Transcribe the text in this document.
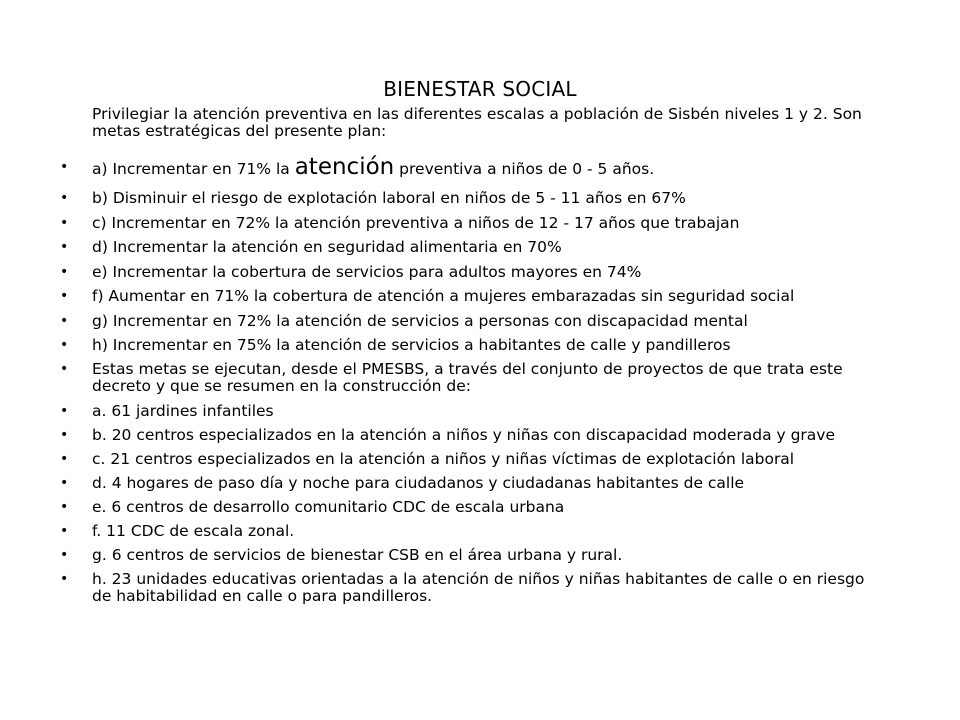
BIENESTAR SOCIAL
Privilegiar la atención preventiva en las diferentes escalas a población de Sisbén niveles 1 y 2. Son
metas estratégicas del presente plan:
• a) Incrementar en 71% la atención preventiva a niños de 0 - 5 años.
• b) Disminuir el riesgo de explotación laboral en niños de 5 - 11 años en 67%
• c) Incrementar en 72% la atención preventiva a niños de 12 - 17 años que trabajan
• d) Incrementar la atención en seguridad alimentaria en 70%
• e) Incrementar la cobertura de servicios para adultos mayores en 74%
• f) Aumentar en 71% la cobertura de atención a mujeres embarazadas sin seguridad social
• g) Incrementar en 72% la atención de servicios a personas con discapacidad mental
• h) Incrementar en 75% la atención de servicios a habitantes de calle y pandilleros
• Estas metas se ejecutan, desde el PMESBS, a través del conjunto de proyectos de que trata este
decreto y que se resumen en la construcción de:
• a. 61 jardines infantiles
• b. 20 centros especializados en la atención a niños y niñas con discapacidad moderada y grave
• c. 21 centros especializados en la atención a niños y niñas víctimas de explotación laboral
• d. 4 hogares de paso día y noche para ciudadanos y ciudadanas habitantes de calle
• e. 6 centros de desarrollo comunitario CDC de escala urbana
• f. 11 CDC de escala zonal.
• g. 6 centros de servicios de bienestar CSB en el área urbana y rural.
• h. 23 unidades educativas orientadas a la atención de niños y niñas habitantes de calle o en riesgo
de habitabilidad en calle o para pandilleros.
